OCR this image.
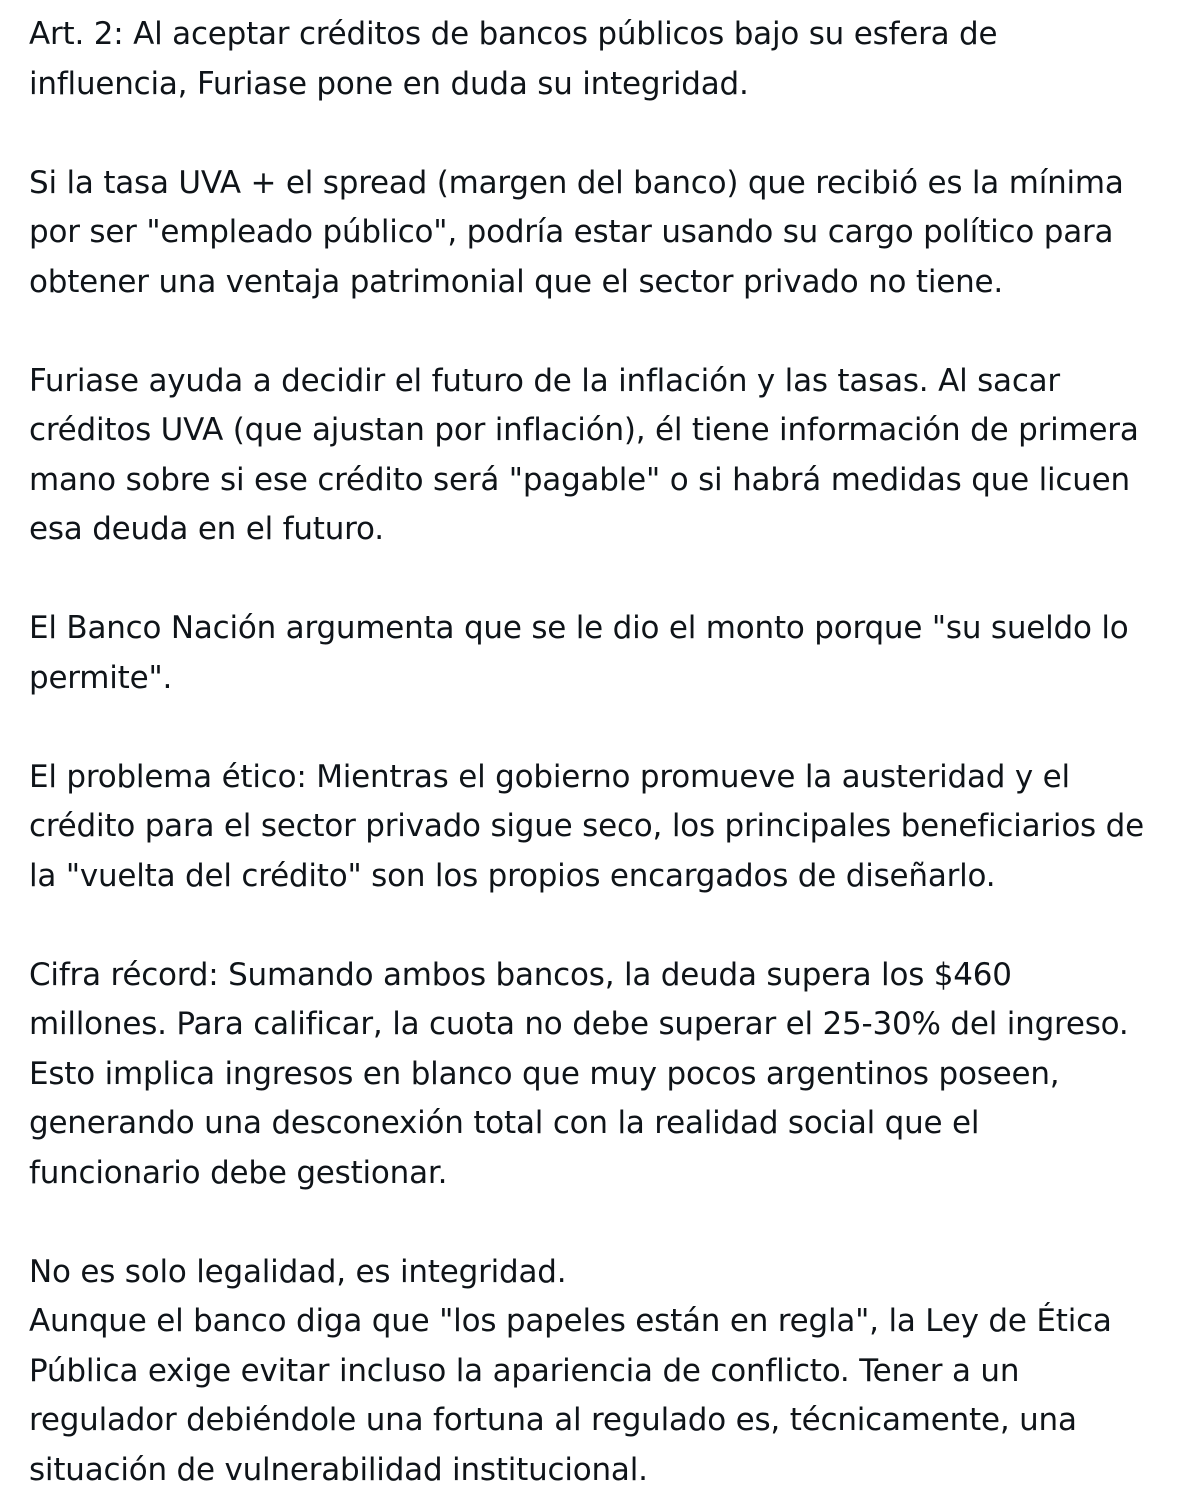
Art. 2: Al aceptar créditos de bancos públicos bajo su esfera de
influencia, Furiase pone en duda su integridad.

Si la tasa UVA + el spread (margen del banco) que recibió es la mínima
por ser "empleado público", podría estar usando su cargo político para
obtener una ventaja patrimonial que el sector privado no tiene.

Furiase ayuda a decidir el futuro de la inflación y las tasas. Al sacar
créditos UVA (que ajustan por inflación), él tiene información de primera
mano sobre si ese crédito será "pagable" o si habrá medidas que licuen
esa deuda en el futuro.

El Banco Nación argumenta que se le dio el monto porque "su sueldo lo
permite".

El problema ético: Mientras el gobierno promueve la austeridad y el
crédito para el sector privado sigue seco, los principales beneficiarios de
la "vuelta del crédito" son los propios encargados de diseñarlo.

Cifra récord: Sumando ambos bancos, la deuda supera los $460
millones. Para calificar, la cuota no debe superar el 25-30% del ingreso.
Esto implica ingresos en blanco que muy pocos argentinos poseen,
generando una desconexión total con la realidad social que el
funcionario debe gestionar.

No es solo legalidad, es integridad.

Aunque el banco diga que "los papeles están en regla", la Ley de Ética
Pública exige evitar incluso la apariencia de conflicto. Tener a un
regulador debiéndole una fortuna al regulado es, técnicamente, una
situación de vulnerabilidad institucional.
